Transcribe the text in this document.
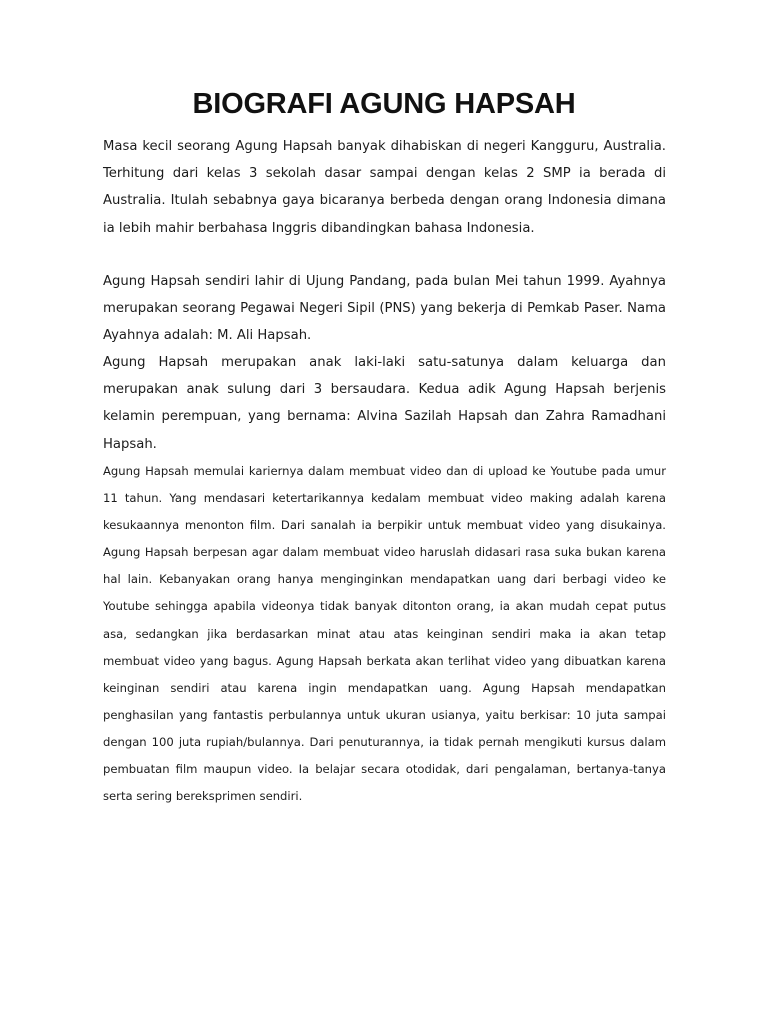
BIOGRAFI AGUNG HAPSAH

Masa kecil seorang Agung Hapsah banyak dihabiskan di negeri Kangguru, Australia. Terhitung dari kelas 3 sekolah dasar sampai dengan kelas 2 SMP ia berada di Australia. Itulah sebabnya gaya bicaranya berbeda dengan orang Indonesia dimana ia lebih mahir berbahasa Inggris dibandingkan bahasa Indonesia.

Agung Hapsah sendiri lahir di Ujung Pandang, pada bulan Mei tahun 1999. Ayahnya merupakan seorang Pegawai Negeri Sipil (PNS) yang bekerja di Pemkab Paser. Nama Ayahnya adalah: M. Ali Hapsah.

Agung Hapsah merupakan anak laki-laki satu-satunya dalam keluarga dan merupakan anak sulung dari 3 bersaudara. Kedua adik Agung Hapsah berjenis kelamin perempuan, yang bernama: Alvina Sazilah Hapsah dan Zahra Ramadhani Hapsah.

Agung Hapsah memulai kariernya dalam membuat video dan di upload ke Youtube pada umur 11 tahun. Yang mendasari ketertarikannya kedalam membuat video making adalah karena kesukaannya menonton film. Dari sanalah ia berpikir untuk membuat video yang disukainya. Agung Hapsah berpesan agar dalam membuat video haruslah didasari rasa suka bukan karena hal lain. Kebanyakan orang hanya menginginkan mendapatkan uang dari berbagi video ke Youtube sehingga apabila videonya tidak banyak ditonton orang, ia akan mudah cepat putus asa, sedangkan jika berdasarkan minat atau atas keinginan sendiri maka ia akan tetap membuat video yang bagus. Agung Hapsah berkata akan terlihat video yang dibuatkan karena keinginan sendiri atau karena ingin mendapatkan uang. Agung Hapsah mendapatkan penghasilan yang fantastis perbulannya untuk ukuran usianya, yaitu berkisar: 10 juta sampai dengan 100 juta rupiah/bulannya. Dari penuturannya, ia tidak pernah mengikuti kursus dalam pembuatan film maupun video. Ia belajar secara otodidak, dari pengalaman, bertanya-tanya serta sering bereksprimen sendiri.
